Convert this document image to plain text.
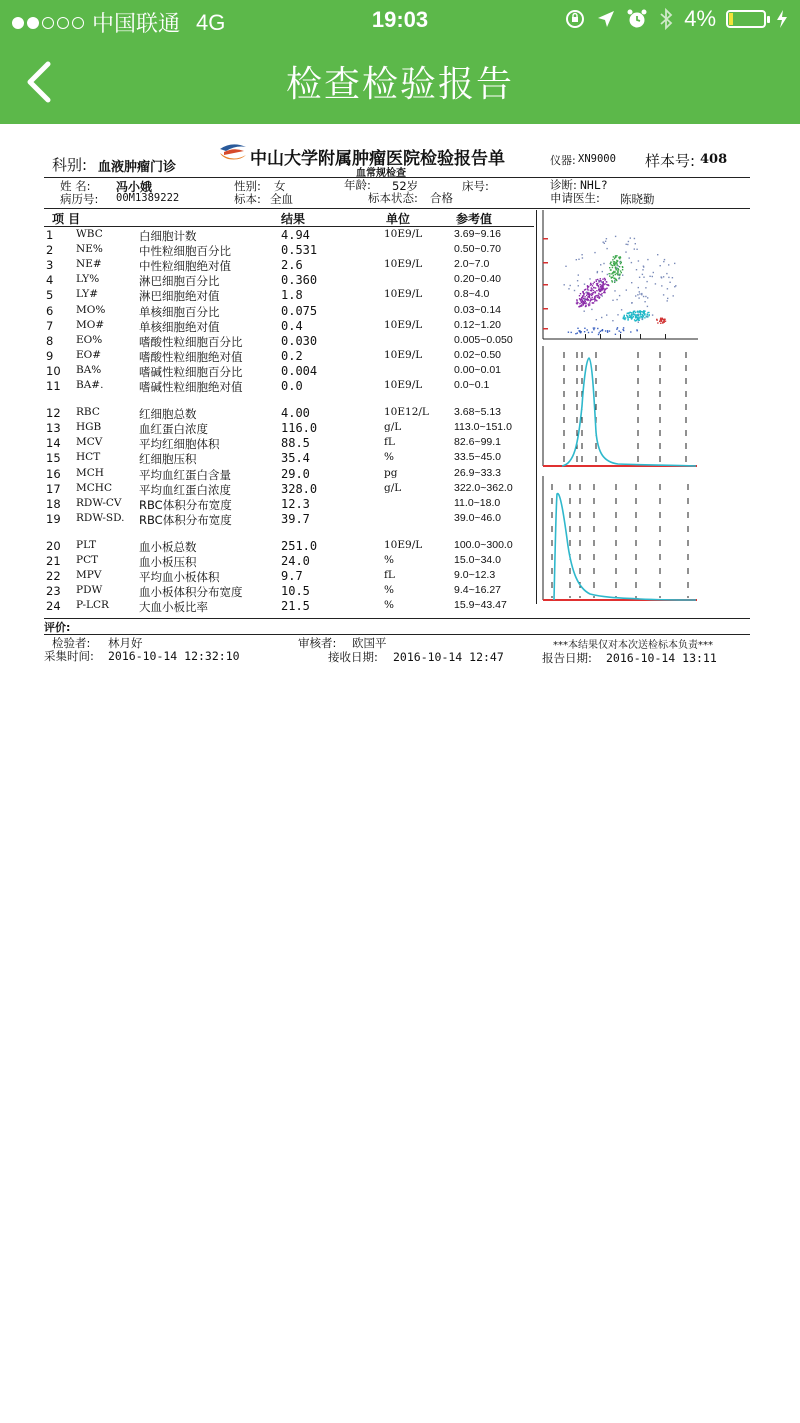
中国联通 4G	19:03	4%
检查检验报告
科别: 血液肿瘤门诊	中山大学附属肿瘤医院检验报告单
血常规检查
仪器: XN9000 样本号: 408
姓 名: 冯小娥	性别: 女	年龄: 52岁	床号:	诊断: NHL?
病历号: 00M1389222	标本: 全血	标本状态: 合格	申请医生: 陈晓勤
项 目	结果	单位	参考值
1 WBC	白细胞计数	4.94	10E9/L	3.69~9.16
2 NE%	中性粒细胞百分比	0.531	0.50~0.70
3 NE#	中性粒细胞绝对值	2.6	10E9/L	2.0~7.0
4 LY%	淋巴细胞百分比	0.360	0.20~0.40
5 LY#	淋巴细胞绝对值	1.8	10E9/L	0.8~4.0
6 MO%	单核细胞百分比	0.075	0.03~0.14
7 MO#	单核细胞绝对值	0.4	10E9/L	0.12~1.20
8 EO%	嗜酸性粒细胞百分比	0.030	0.005~0.050
9 EO#	嗜酸性粒细胞绝对值	0.2	10E9/L	0.02~0.50
10 BA%	嗜碱性粒细胞百分比	0.004	0.00~0.01
11 BA#.	嗜碱性粒细胞绝对值	0.0	10E9/L	0.0~0.1
12 RBC	红细胞总数	4.00	10E12/L 3.68~5.13
13 HGB	血红蛋白浓度	116.0	g/L	113.0~151.0
14 MCV	平均红细胞体积	88.5	fL	82.6~99.1
15 HCT	红细胞压积	35.4	%	33.5~45.0
16 MCH	平均血红蛋白含量	29.0	pg	26.9~33.3
17 MCHC 平均血红蛋白浓度	328.0	g/L	322.0~362.0
18 RDW-CV RBC体积分布宽度	12.3	11.0~18.0
19 RDW-SD. RBC体积分布宽度	39.7	39.0~46.0
20 PLT	血小板总数	251.0	10E9/L	100.0~300.0
21 PCT	血小板压积	24.0	%	15.0~34.0
22 MPV	平均血小板体积	9.7	fL	9.0~12.3
23 PDW	血小板体积分布宽度	10.5	%	9.4~16.27
24 P-LCR	大血小板比率	21.5	%	15.9~43.47
评价:
检验者: 林月好	审核者: 欧国平	***本结果仅对本次送检标本负责***
采集时间: 2016-10-14 12:32:10	接收日期: 2016-10-14 12:47	报告日期: 2016-10-14 13:11
